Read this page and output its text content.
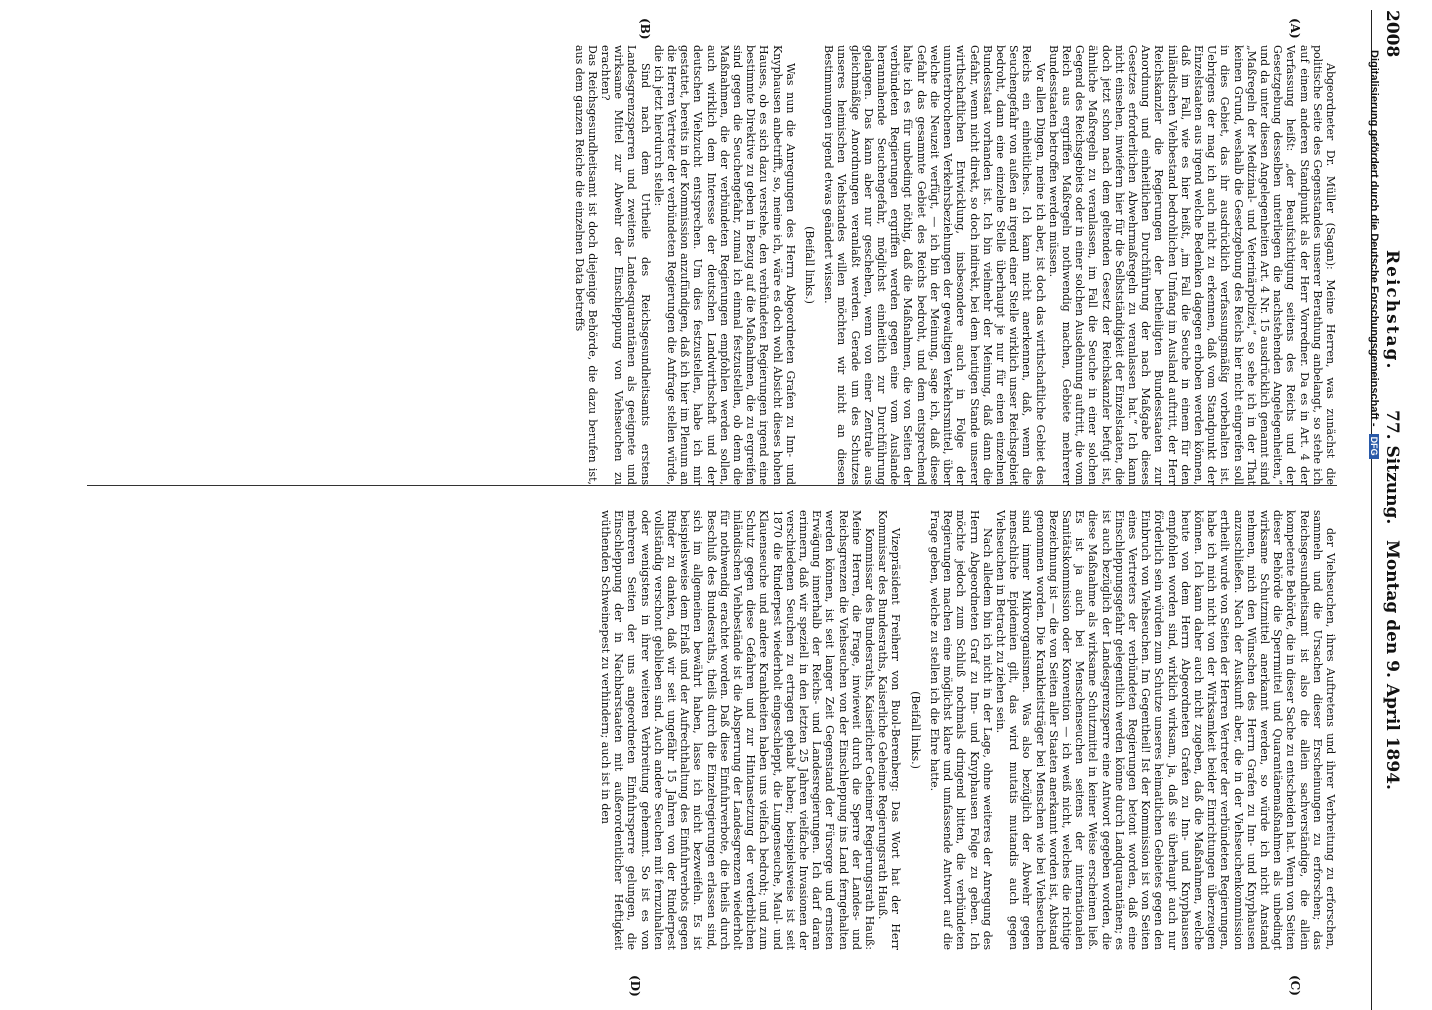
2008
Reichstag.
77. Sitzung.
Montag den 9. April 1894.
(A)
(B)
(C)
(D)

Abgeordneter Dr. Müller (Sagan): Meine Herren, was zunächst die politische Seite des Gegenstandes unserer Berathung anbelangt, so stehe ich auf einem anderen Standpunkt als der Herr Vorredner. Da es in Art. 4 der Verfassung heißt: „der Beaufsichtigung seitens des Reichs und der Gesetzgebung desselben unterliegen die nachstehenden Angelegenheiten,“ und da unter diesen Angelegenheiten Art. 4 Nr. 15 ausdrücklich genannt sind „Maßregeln der Medizinal- und Veterinärpolizei,“ so sehe ich in der That keinen Grund, weshalb die Gesetzgebung des Reichs hier nicht eingreifen soll in dies Gebiet, das ihr ausdrücklich verfassungsmäßig vorbehalten ist. Uebrigens der mag ich auch nicht zu erkennen, daß vom Standpunkt der Einzelstaaten aus irgend welche Bedenken dagegen erhoben werden können, daß im Fall, wie es hier heißt, „im Fall die Seuche in einem für den inländischen Viehbestand bedrohlichen Umfang im Ausland auftritt, der Herr Reichskanzler die Regierungen der betheiligten Bundesstaaten zur Anordnung und einheitlichen Durchführung der nach Maßgabe dieses Gesetzes erforderlichen Abwehrmaßregeln zu veranlassen hat.“ Ich kann nicht einsehen, inwiefern hier für die Selbstständigkeit der Einzelstaaten, die doch jetzt schon nach dem geltenden Gesetz der Reichskanzler befugt ist, ähnliche Maßregeln zu veranlassen, im Fall die Seuche in einer solchen Gegend des Reichsgebiets oder in einer solchen Ausdehnung auftritt, die vom Reich aus ergriffen Maßregeln nothwendig machen, Gebiete mehrerer Bundesstaaten betroffen werden müssen.

Vor allen Dingen, meine ich aber, ist doch das wirthschaftliche Gebiet des Reichs ein einheitliches. Ich kann nicht anerkennen, daß, wenn die Seuchengefahr von außen an irgend einer Stelle wirklich unser Reichsgebiet bedroht, dann eine einzelne Stelle überhaupt je nur für einen einzelnen Bundesstaat vorhanden ist. Ich bin vielmehr der Meinung, daß dann die Gefahr, wenn nicht direkt, so doch indirekt, bei dem heutigen Stande unserer wirthschaftlichen Entwicklung, insbesondere auch in Folge der ununterbrochenen Verkehrsbeziehungen der gewaltigen Verkehrsmittel, über welche die Neuzeit verfügt, — ich bin der Meinung, sage ich, daß diese Gefahr das gesammte Gebiet des Reichs bedroht, und dem entsprechend halte ich es für unbedingt nöthig, daß die Maßnahmen, die von Seiten der verbündeten Regierungen ergriffen werden gegen eine vom Auslande herannahende Seuchengefahr, möglichst einheitlich zur Durchführung gelangen. Das kann aber nur geschehen, wenn von einer Zentrale aus gleichmäßige Anordnungen veranlaßt werden. Gerade um des Schutzes unseres heimischen Viehstandes willen möchten wir nicht an diesen Bestimmungen irgend etwas geändert wissen.

(Beifall links.)

Was nun die Anregungen des Herrn Abgeordneten Grafen zu Inn- und Knyphausen anbetrifft, so, meine ich, wäre es doch wohl Absicht dieses hohen Hauses, ob es sich dazu verstehe, den verbündeten Regierungen irgend eine bestimmte Direktive zu geben in Bezug auf die Maßnahmen, die zu ergreifen sind gegen die Seuchengefahr, zumal ich einmal festzustellen, ob denn die Maßnahmen, die der verbündeten Regierungen empfohlen werden sollen, auch wirklich dem Interesse der deutschen Landwirthschaft und der deutschen Viehzucht entsprechen. Um dies festzustellen, habe ich mir gestattet, bereits in der Kommission anzufündigen, daß ich hier im Plenum an die Herren Vertreter der verbündeten Regierungen die Anfrage stellen würde, die ich jetzt hierdurch stelle:

Sind nach dem Urtheile des Reichsgesundheitsamts erstens Landesgrenzsperren und zweitens Landesquarantänen als geeignete und wirksame Mittel zur Abwehr der Einschleppung von Viehseuchen zu erachten?

Das Reichsgesundheitsamt ist doch diejenige Behörde, die dazu berufen ist, aus dem ganzen Reiche die einzelnen Data betreffs

der Viehseuchen, ihres Auftretens und ihrer Verbreitung zu erforschen, sammeln und die Ursachen dieser Erscheinungen zu erforschen; das Reichsgesundheitsamt ist also die allein sachverständige, die allein kompetente Behörde, die in dieser Sache zu entscheiden hat. Wenn von Seiten dieser Behörde die Sperrmittel und Quarantänemaßnahmen als unbedingt wirksame Schutzmittel anerkannt werden, so würde ich nicht Anstand nehmen, mich den Wünschen des Herrn Grafen zu Inn- und Knyphausen anzuschließen. Nach der Auskunft aber, die in der Viehseuchenkommission ertheilt wurde von Seiten der Herren Vertreter der verbündeten Regierungen, habe ich mich nicht von der Wirksamkeit beider Einrichtungen überzeugen können. Ich kann daher auch nicht zugeben, daß die Maßnahmen, welche heute von dem Herrn Abgeordneten Grafen zu Inn- und Knyphausen empfohlen worden sind, wirklich wirksam, ja, daß sie überhaupt auch nur förderlich sein würden zum Schutze unseres heimatlichen Gebietes gegen den Einbruch von Viehseuchen. Im Gegentheil! Ist der Kommission ist von Seiten eines Vertreters der verbündeten Regierungen betont worden, daß eine Einschleppungsgefahr gelegentlich werden könne durch Landquarantänen; es ist auch bezüglich der Landesgrenzsperre eine Antwort gegeben worden, die diese Maßnahme als wirksame Schutzmittel in keiner Weise erscheinen ließ. Es ist ja auch bei Menschenseuchen seitens der internationalen Sanitätskommission oder Konvention — ich weiß nicht, welches die richtige Bezeichnung ist — die von Seiten aller Staaten anerkannt worden ist, Abstand genommen worden. Die Krankheitsträger bei Menschen wie bei Viehseuchen sind immer Mikroorganismen. Was also bezüglich der Abwehr gegen menschliche Epidemien gilt, das wird mutatis mutandis auch gegen Viehseuchen in Betracht zu ziehen sein.

Nach alledem bin ich nicht in der Lage, ohne weiteres der Anregung des Herrn Abgeordneten Graf zu Inn- und Knyphausen Folge zu geben. Ich möchte jedoch zum Schluß nochmals dringend bitten, die verbündeten Regierungen machen eine möglichst klare und umfassende Antwort auf die Frage geben, welche zu stellen ich die Ehre hatte.

(Beifall links.)

Vizepräsident Freiherr von Buol-Berenberg: Das Wort hat der Herr Kommissar des Bundesraths, Kaiserliche Geheime Regierungsrath Hauß.

Kommissar des Bundesraths, Kaiserlicher Geheimer Regierungsrath Hauß: Meine Herren, die Frage, inwieweit durch die Sperre der Landes- und Reichsgrenzen die Viehseuchen von der Einschleppung ins Land ferngehalten werden können, ist seit langer Zeit Gegenstand der Fürsorge und ernsten Erwägung innerhalb der Reichs- und Landesregierungen. Ich darf daran erinnern, daß wir speziell in den letzten 25 Jahren vielfache Invasionen der verschiedenen Seuchen zu ertragen gehabt haben; beispielsweise ist seit 1870 die Rinderpest wiederholt eingeschleppt, die Lungenseuche, Maul- und Klauenseuche und andere Krankheiten haben uns vielfach bedroht; und zum Schutz gegen diese Gefahren und zur Hintansetzung der verderblichen inländischen Viehbestände ist die Absperrung der Landesgrenzen wiederholt für nothwendig erachtet worden. Daß diese Einfuhrverbote, die theils durch Beschluß des Bundesraths, theils durch die Einzelregierungen erlassen sind, sich im allgemeinen bewährt haben, lasse ich nicht bezweifeln. Es ist beispielsweise dem Erlaß und der Aufrechthaltung des Einfuhrverbots gegen Rinder zu danken, daß wir seit ungefähr 15 Jahren von der Rinderpest vollständig verschont geblieben sind. Auch andere Seuchen mit fernzuhalten oder wenigstens in ihrer weiteren Verbreitung gehemmt. So ist es von mehreren Seiten der uns angeordneten Einfuhrsperre gelungen, die Einschleppung der in Nachbarstaaten mit außerordentlicher Heftigkeit wüthenden Schweinepest zu verhindern; auch ist in den

Digitalisierung gefördert durch die Deutsche Forschungsgemeinschaft - DFG
